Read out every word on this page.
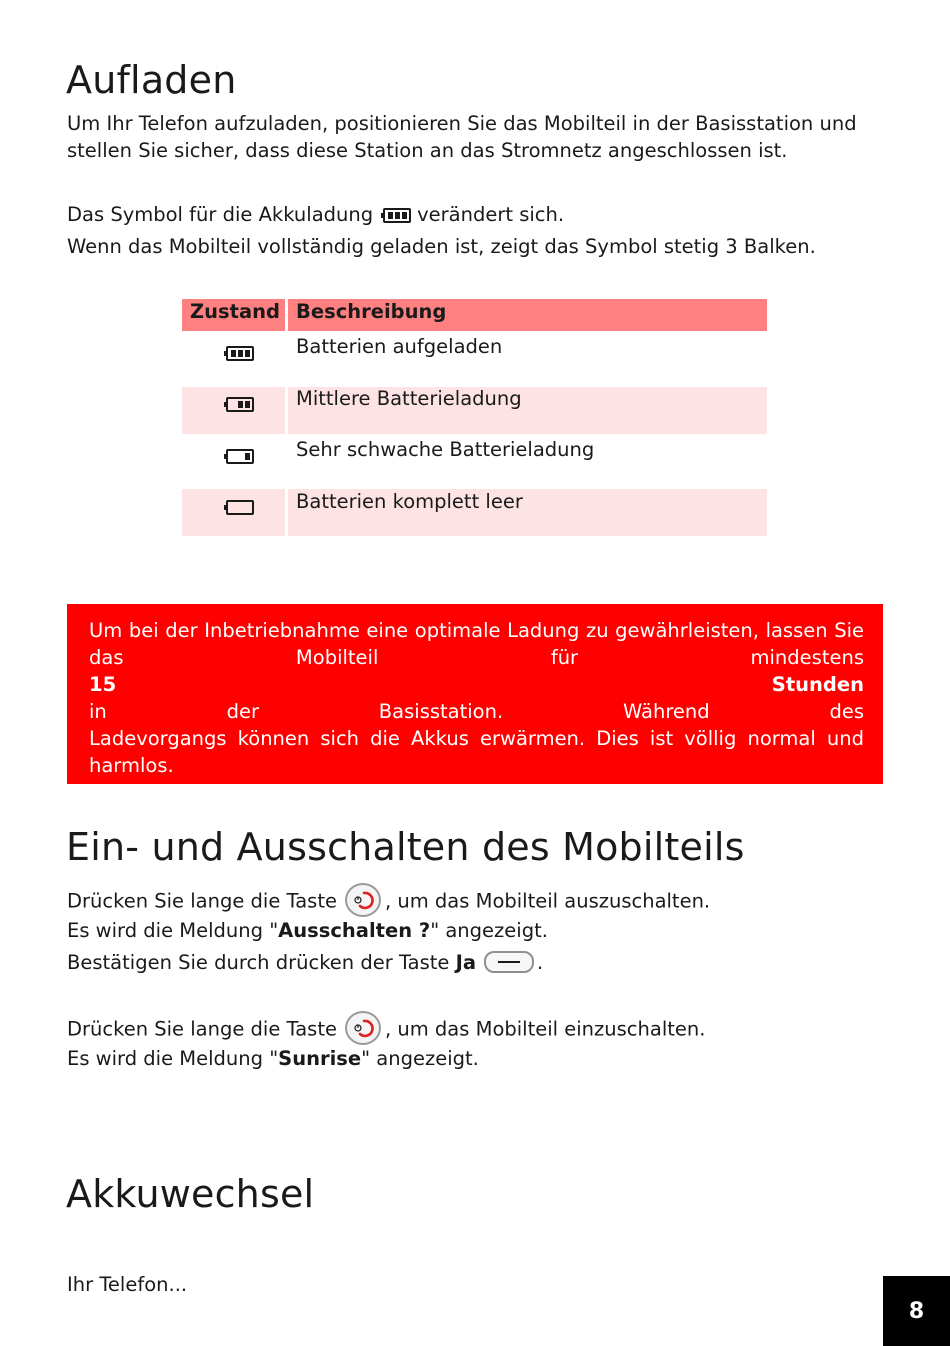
Aufladen

Um Ihr Telefon aufzuladen, positionieren Sie das Mobilteil in der Basisstation und

stellen Sie sicher, dass diese Station an das Stromnetz angeschlossen ist.

Das Symbol für die Akkuladung verändert sich.

Wenn das Mobilteil vollständig geladen ist, zeigt das Symbol stetig 3 Balken.

Zustand Beschreibung
Batterien aufgeladen
Mittlere Batterieladung
Sehr schwache Batterieladung
Batterien komplett leer
Um bei der Inbetriebnahme eine optimale Ladung zu gewährleisten, lassen Sie
das Mobilteil für mindestens
15 Stunden
in der Basisstation. Während des
Ladevorgangs können sich die Akkus erwärmen. Dies ist völlig normal und
harmlos.
Bei einer sehr schwachen Batterieladung sendet das Gerät ein Tonsignal aus.
Ein- und Ausschalten des Mobilteils

Drücken Sie lange die Taste , um das Mobilteil auszuschalten.

Es wird die Meldung "Ausschalten ?" angezeigt.

Bestätigen Sie durch drücken der Taste Ja	.

Drücken Sie lange die Taste , um das Mobilteil einzuschalten.

Es wird die Meldung "Sunrise" angezeigt.

Akkuwechsel

Ihr Telefon...

8
